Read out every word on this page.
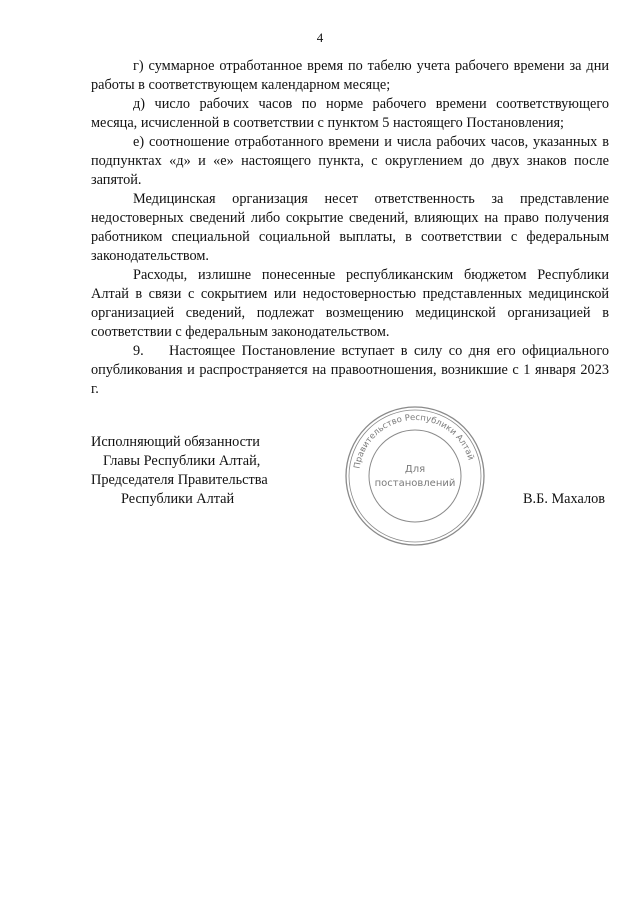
4

г) суммарное отработанное время по табелю учета рабочего времени за дни работы в соответствующем календарном месяце;

д) число рабочих часов по норме рабочего времени соответствующего месяца, исчисленной в соответствии с пунктом 5 настоящего Постановления;

е) соотношение отработанного времени и числа рабочих часов, указанных в подпунктах «д» и «е» настоящего пункта, с округлением до двух знаков после запятой.

Медицинская организация несет ответственность за представление недостоверных сведений либо сокрытие сведений, влияющих на право получения работником специальной социальной выплаты, в соответствии с федеральным законодательством.

Расходы, излишне понесенные республиканским бюджетом Республики Алтай в связи с сокрытием или недостоверностью представленных медицинской организацией сведений, подлежат возмещению медицинской организацией в соответствии с федеральным законодательством.

9. Настоящее Постановление вступает в силу со дня его официального опубликования и распространяется на правоотношения, возникшие с 1 января 2023 г.

Исполняющий обязанности
Главы Республики Алтай,
Председателя Правительства
Республики Алтай
Правительство Республики Алтай
Для
постановлений
В.Б. Махалов
